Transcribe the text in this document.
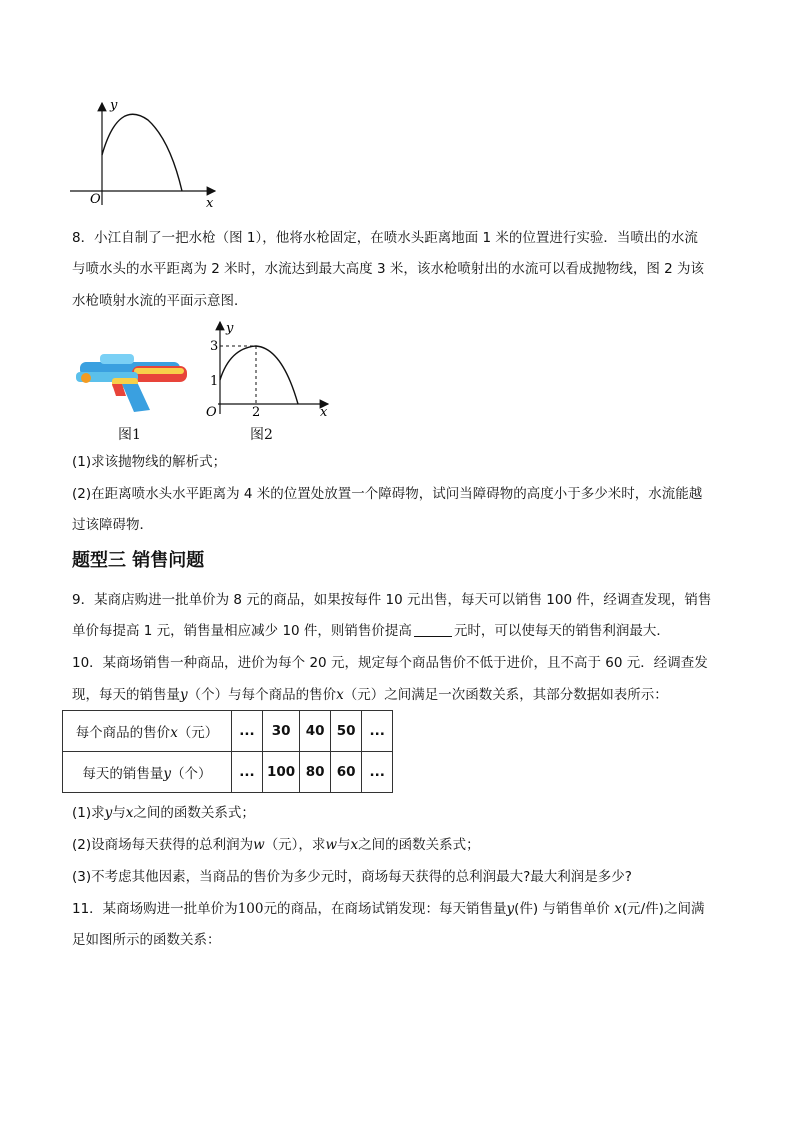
y
x
O
8．小江自制了一把水枪（图 1），他将水枪固定，在喷水头距离地面 1 米的位置进行实验．当喷出的水流
与喷水头的水平距离为 2 米时，水流达到最大高度 3 米，该水枪喷射出的水流可以看成抛物线，图 2 为该
水枪喷射水流的平面示意图．
图1
y
x
O
3
1
2
图2
(1)求该抛物线的解析式；
(2)在距离喷水头水平距离为 4 米的位置处放置一个障碍物，试问当障碍物的高度小于多少米时，水流能越
过该障碍物．
题型三 销售问题
9．某商店购进一批单价为 8 元的商品，如果按每件 10 元出售，每天可以销售 100 件，经调查发现，销售
单价每提高 1 元，销售量相应减少 10 件，则销售价提高	元时，可以使每天的销售利润最大．
10．某商场销售一种商品，进价为每个 20 元，规定每个商品售价不低于进价，且不高于 60 元．经调查发
现，每天的销售量y（个）与每个商品的售价x（元）之间满足一次函数关系，其部分数据如表所示：
每个商品的售价x（元）	...	30	40	50	...
每天的销售量y（个）	...	100	80	60	...
(1)求y与x之间的函数关系式；
(2)设商场每天获得的总利润为w（元），求w与x之间的函数关系式；
(3)不考虑其他因素，当商品的售价为多少元时，商场每天获得的总利润最大?最大利润是多少?
11．某商场购进一批单价为100元的商品，在商场试销发现：每天销售量y(件) 与销售单价 x(元/件)之间满
足如图所示的函数关系：
